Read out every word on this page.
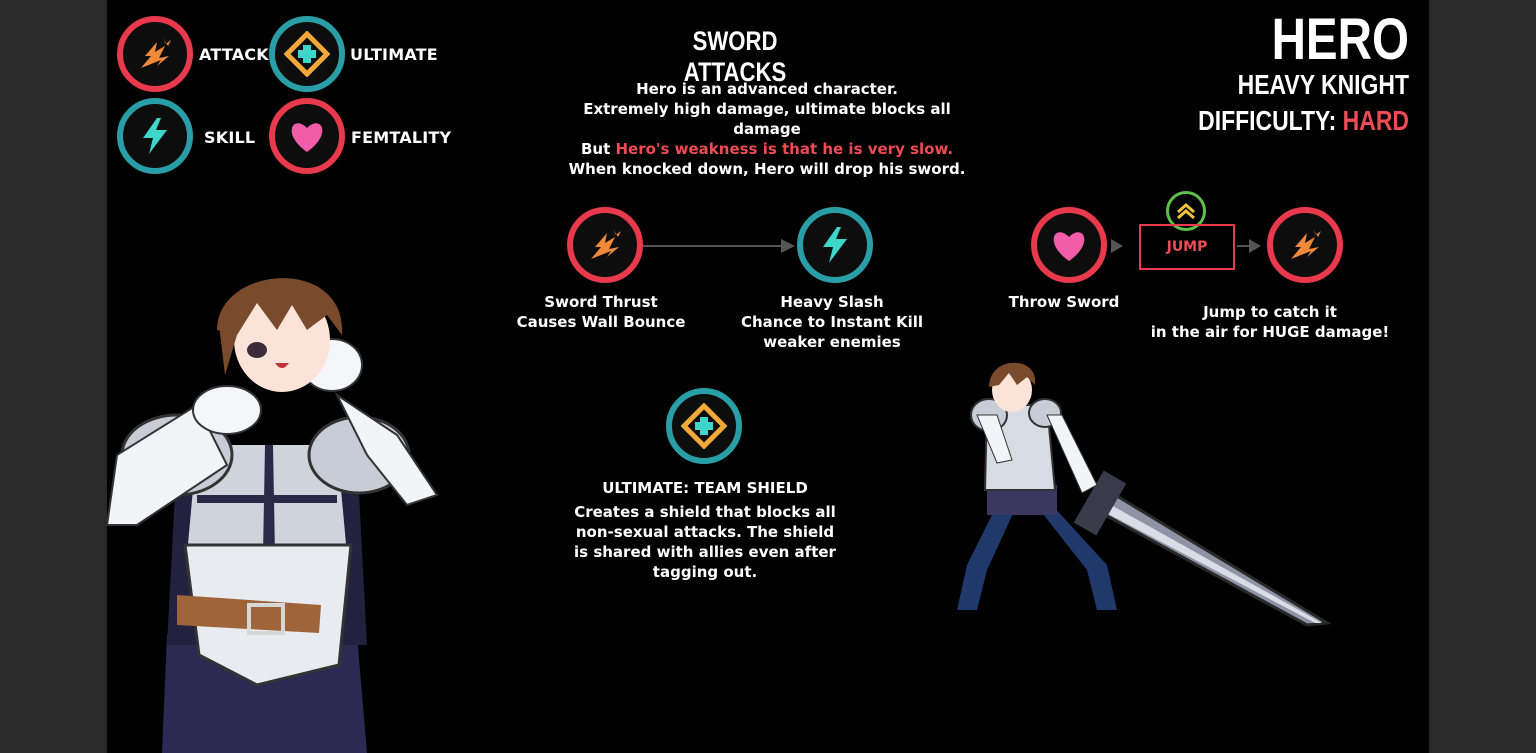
ATTACK	ULTIMATE
SKILL	FEMTALITY
HERO
HEAVY KNIGHT
DIFFICULTY: HARD
SWORD ATTACKS
Hero is an advanced character.
Extremely high damage, ultimate blocks all damage
But Hero's weakness is that he is very slow.
When knocked down, Hero will drop his sword.
Sword Thrust
Causes Wall Bounce
Heavy Slash
Chance to Instant Kill
weaker enemies
JUMP
Throw Sword
Jump to catch it
in the air for HUGE damage!
ULTIMATE: TEAM SHIELD
Creates a shield that blocks all
non-sexual attacks. The shield
is shared with allies even after
tagging out.
